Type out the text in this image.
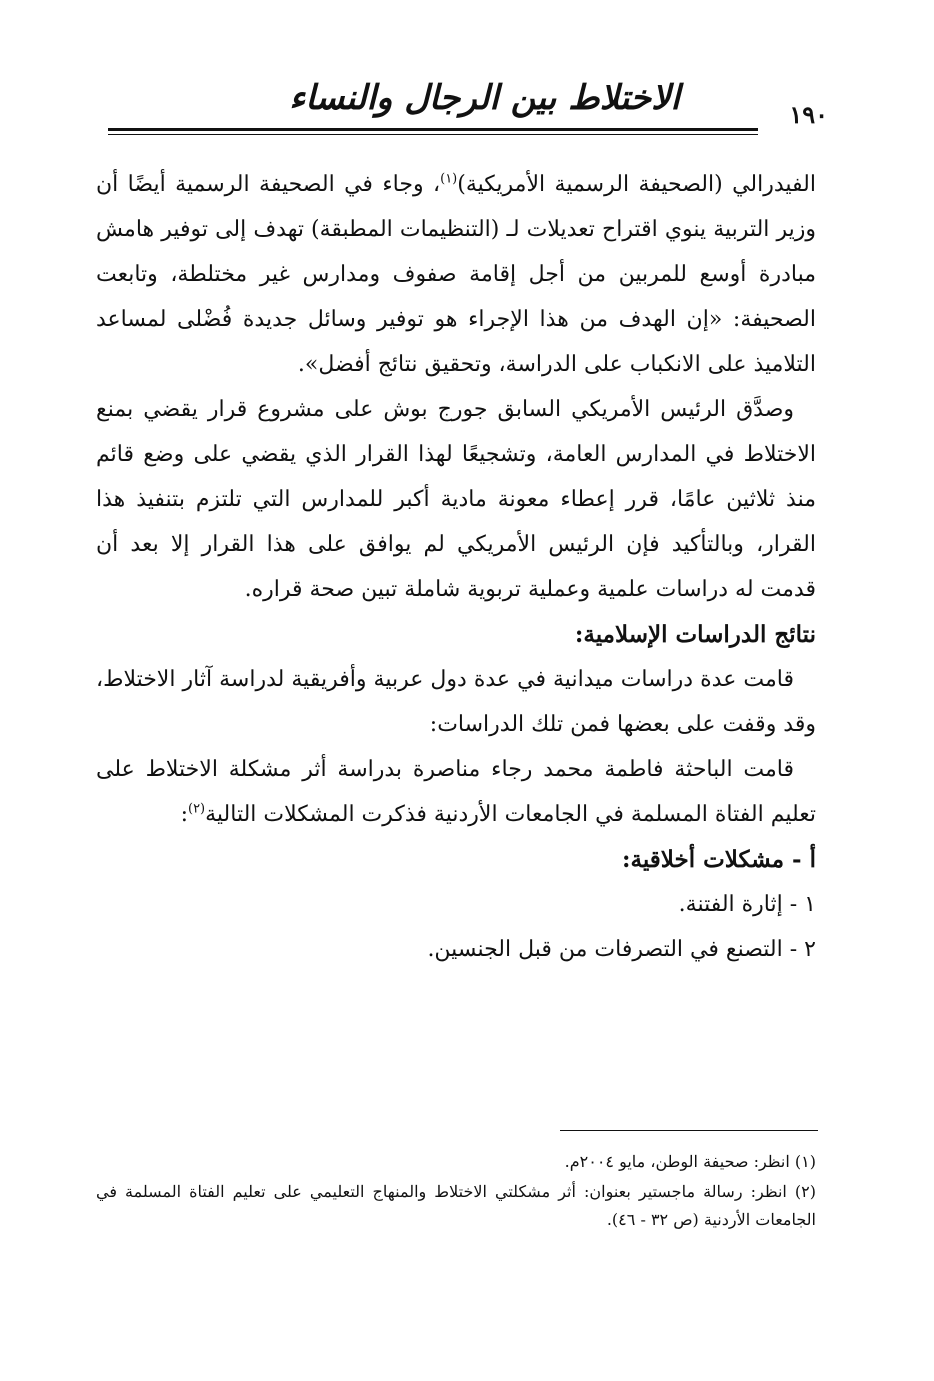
الاختلاط بين الرجال والنساء	١٩٠

الفيدرالي (الصحيفة الرسمية الأمريكية)$^{(١)}$، وجاء في الصحيفة الرسمية أيضًا أن وزير التربية ينوي اقتراح تعديلات لـ (التنظيمات المطبقة) تهدف إلى توفير هامش مبادرة أوسع للمربين من أجل إقامة صفوف ومدارس غير مختلطة، وتابعت الصحيفة: «إن الهدف من هذا الإجراء هو توفير وسائل جديدة فُضْلى لمساعد التلاميذ على الانكباب على الدراسة، وتحقيق نتائج أفضل».

وصدَّق الرئيس الأمريكي السابق جورج بوش على مشروع قرار يقضي بمنع الاختلاط في المدارس العامة، وتشجيعًا لهذا القرار الذي يقضي على وضع قائم منذ ثلاثين عامًا، قرر إعطاء معونة مادية أكبر للمدارس التي تلتزم بتنفيذ هذا القرار، وبالتأكيد فإن الرئيس الأمريكي لم يوافق على هذا القرار إلا بعد أن قدمت له دراسات علمية وعملية تربوية شاملة تبين صحة قراره.

نتائج الدراسات الإسلامية:

قامت عدة دراسات ميدانية في عدة دول عربية وأفريقية لدراسة آثار الاختلاط، وقد وقفت على بعضها فمن تلك الدراسات:

قامت الباحثة فاطمة محمد رجاء مناصرة بدراسة أثر مشكلة الاختلاط على تعليم الفتاة المسلمة في الجامعات الأردنية فذكرت المشكلات التالية$^{(٢)}$:

أ - مشكلات أخلاقية:

١ - إثارة الفتنة.

٢ - التصنع في التصرفات من قبل الجنسين.

(١) انظر: صحيفة الوطن، مايو ٢٠٠٤م.

(٢) انظر: رسالة ماجستير بعنوان: أثر مشكلتي الاختلاط والمنهاج التعليمي على تعليم الفتاة المسلمة في الجامعات الأردنية (ص ٣٢ - ٤٦).
